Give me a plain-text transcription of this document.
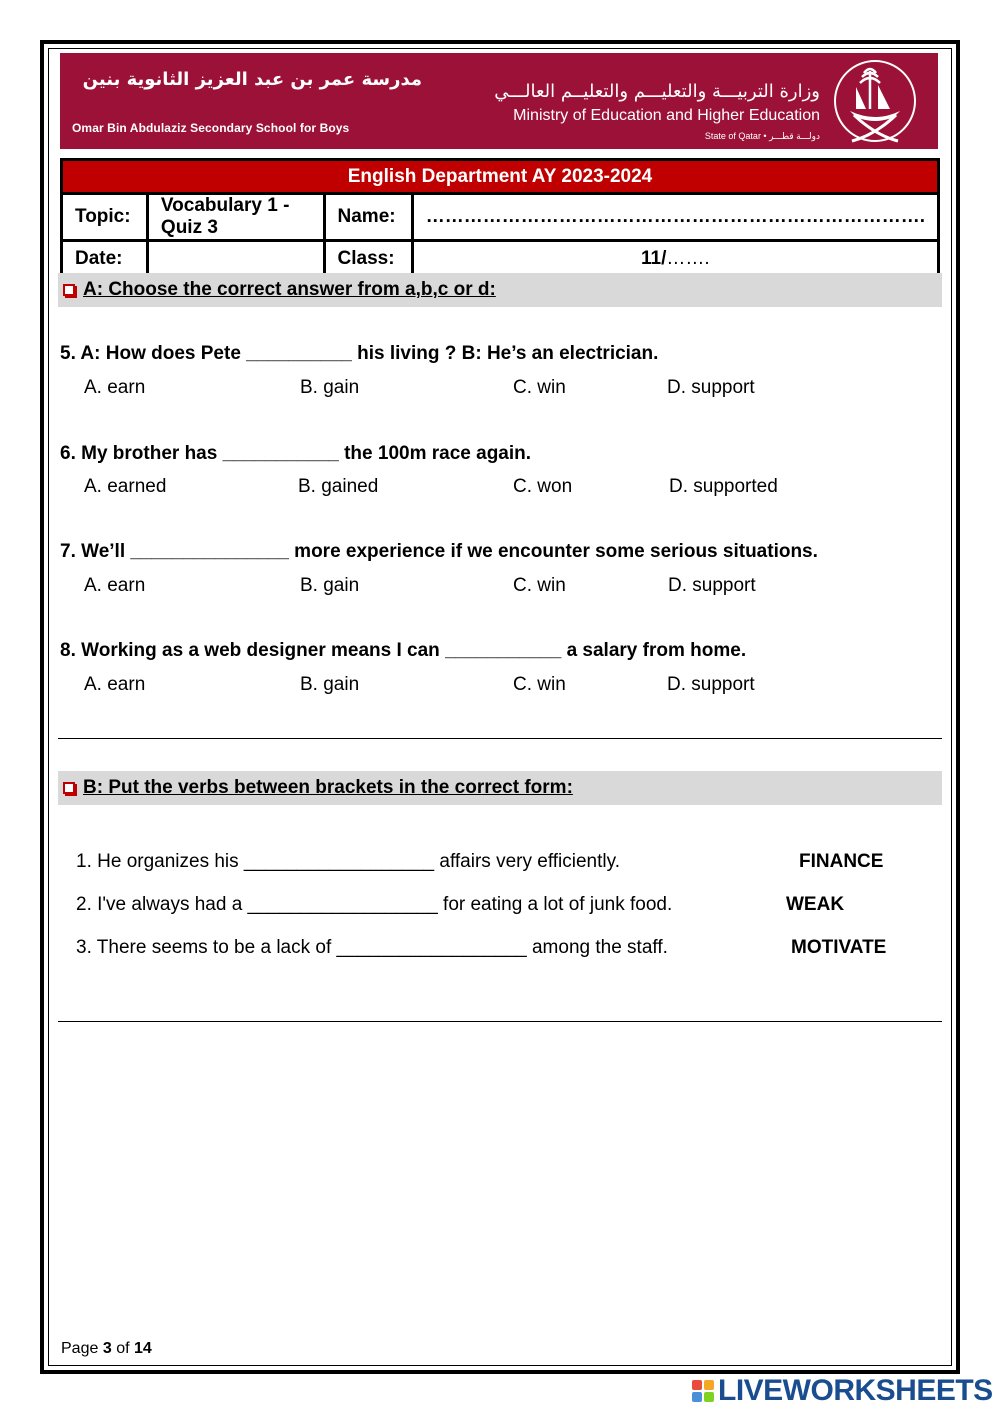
مدرسة عمر بن عبد العزيز الثانوية بنين
Omar Bin Abdulaziz Secondary School for Boys
وزارة التربيـــة والتعليـــم والتعليــم العالـــي
Ministry of Education and Higher Education
State of Qatar • دولـــة قطـــر
English Department AY 2023-2024			
Topic:	Vocabulary 1 - Quiz 3	Name:	…………………………………………………………………….
Date:		Class:	11/…….
A: Choose the correct answer from a,b,c or d:
5. A: How does Pete __________ his living ? B: He’s an electrician.
A. earn	B. gain	C. win	D. support
6. My brother has ___________ the 100m race again.
A. earned	B. gained	C. won	D. supported
7. We’ll _______________ more experience if we encounter some serious situations.
A. earn	B. gain	C. win	D. support
8. Working as a web designer means I can ___________ a salary from home.
A. earn	B. gain	C. win	D. support
B: Put the verbs between brackets in the correct form:
1. He organizes his __________________ affairs very efficiently.	FINANCE
2. I've always had a __________________ for eating a lot of junk food.	WEAK
3. There seems to be a lack of __________________ among the staff.	MOTIVATE
Page 3 of 14
LIVEWORKSHEETS
